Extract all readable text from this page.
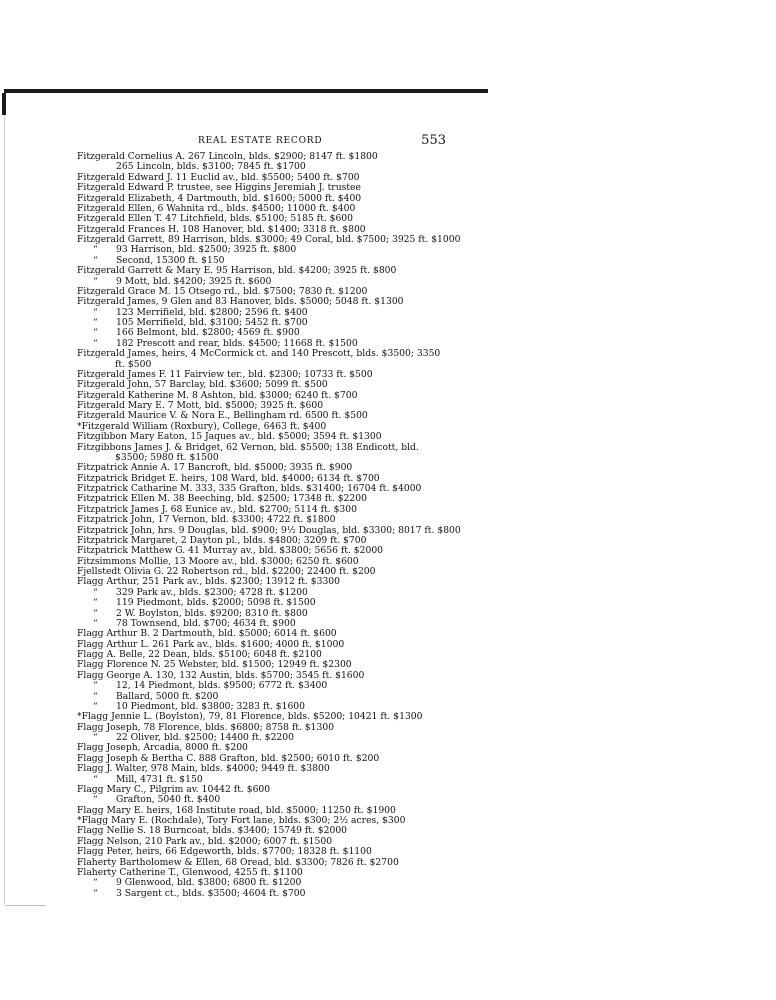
REAL ESTATE RECORD	553
Fitzgerald Cornelius A. 267 Lincoln, blds. $2900; 8147 ft. $1800
265 Lincoln, blds. $3100; 7845 ft. $1700
Fitzgerald Edward J. 11 Euclid av., bld. $5500; 5400 ft. $700
Fitzgerald Edward P. trustee, see Higgins Jeremiah J. trustee
Fitzgerald Elizabeth, 4 Dartmouth, bld. $1600; 5000 ft. $400
Fitzgerald Ellen, 6 Wahnita rd., blds. $4500; 11000 ft. $400
Fitzgerald Ellen T. 47 Litchfield, blds. $5100; 5185 ft. $600
Fitzgerald Frances H. 108 Hanover, bld. $1400; 3318 ft. $800
Fitzgerald Garrett, 89 Harrison, blds. $3000; 49 Coral, bld. $7500; 3925 ft. $1000
“ 93 Harrison, bld. $2500; 3925 ft. $800
“ Second, 15300 ft. $150
Fitzgerald Garrett & Mary E. 95 Harrison, bld. $4200; 3925 ft. $800
“ 9 Mott, bld. $4200; 3925 ft. $600
Fitzgerald Grace M. 15 Otsego rd., bld. $7500; 7830 ft. $1200
Fitzgerald James, 9 Glen and 83 Hanover, blds. $5000; 5048 ft. $1300
“ 123 Merrifield, bld. $2800; 2596 ft. $400
“ 105 Merrifield, bld. $3100; 5452 ft. $700
“ 166 Belmont, bld. $2800; 4569 ft. $900
“ 182 Prescott and rear, blds. $4500; 11668 ft. $1500
Fitzgerald James, heirs, 4 McCormick ct. and 140 Prescott, blds. $3500; 3350 ft. $500
Fitzgerald James F. 11 Fairview ter., bld. $2300; 10733 ft. $500
Fitzgerald John, 57 Barclay, bld. $3600; 5099 ft. $500
Fitzgerald Katherine M. 8 Ashton, bld. $3000; 6240 ft. $700
Fitzgerald Mary E. 7 Mott, bld. $5000; 3925 ft. $600
Fitzgerald Maurice V. & Nora E., Bellingham rd. 6500 ft. $500
*Fitzgerald William (Roxbury), College, 6463 ft. $400
Fitzgibbon Mary Eaton, 15 Jaques av., bld. $5000; 3594 ft. $1300
Fitzgibbons James J. & Bridget, 62 Vernon, bld. $5500; 138 Endicott, bld. $3500; 5980 ft. $1500
Fitzpatrick Annie A. 17 Bancroft, bld. $5000; 3935 ft. $900
Fitzpatrick Bridget E. heirs, 108 Ward, bld. $4000; 6134 ft. $700
Fitzpatrick Catharine M. 333, 335 Grafton, blds. $31400; 16704 ft. $4000
Fitzpatrick Ellen M. 38 Beeching, bld. $2500; 17348 ft. $2200
Fitzpatrick James J. 68 Eunice av., bld. $2700; 5114 ft. $300
Fitzpatrick John, 17 Vernon, bld. $3300; 4722 ft. $1800
Fitzpatrick John, hrs. 9 Douglas, bld. $900; 9½ Douglas, bld. $3300; 8017 ft. $800
Fitzpatrick Margaret, 2 Dayton pl., blds. $4800; 3209 ft. $700
Fitzpatrick Matthew G. 41 Murray av., bld. $3800; 5656 ft. $2000
Fitzsimmons Mollie, 13 Moore av., bld. $3000; 6250 ft. $600
Fjellstedt Olivia G. 22 Robertson rd., bld. $2200; 22400 ft. $200
Flagg Arthur, 251 Park av., blds. $2300; 13912 ft. $3300
“ 329 Park av., blds. $2300; 4728 ft. $1200
“ 119 Piedmont, blds. $2000; 5098 ft. $1500
“ 2 W. Boylston, blds. $9200; 8310 ft. $800
“ 78 Townsend, bld. $700; 4634 ft. $900
Flagg Arthur B. 2 Dartmouth, bld. $5000; 6014 ft. $600
Flagg Arthur L. 261 Park av., blds. $1600; 4000 ft. $1000
Flagg A. Belle, 22 Dean, blds. $5100; 6048 ft. $2100
Flagg Florence N. 25 Webster, bld. $1500; 12949 ft. $2300
Flagg George A. 130, 132 Austin, blds. $5700; 3545 ft. $1600
“ 12, 14 Piedmont, blds. $9500; 6772 ft. $3400
“ Ballard, 5000 ft. $200
“ 10 Piedmont, bld. $3800; 3283 ft. $1600
*Flagg Jennie L. (Boylston), 79, 81 Florence, blds. $5200; 10421 ft. $1300
Flagg Joseph, 78 Florence, blds. $6800; 8758 ft. $1300
“ 22 Oliver, bld. $2500; 14400 ft. $2200
Flagg Joseph, Arcadia, 8000 ft. $200
Flagg Joseph & Bertha C. 888 Grafton, bld. $2500; 6010 ft. $200
Flagg J. Walter, 978 Main, blds. $4000; 9449 ft. $3800
“ Mill, 4731 ft. $150
Flagg Mary C., Pilgrim av. 10442 ft. $600
“ Grafton, 5040 ft. $400
Flagg Mary E. heirs, 168 Institute road, bld. $5000; 11250 ft. $1900
*Flagg Mary E. (Rochdale), Tory Fort lane, blds. $300; 2½ acres, $300
Flagg Nellie S. 18 Burncoat, blds. $3400; 15749 ft. $2000
Flagg Nelson, 210 Park av., bld. $2000; 6007 ft. $1500
Flagg Peter, heirs, 66 Edgeworth, blds. $7700; 18328 ft. $1100
Flaherty Bartholomew & Ellen, 68 Oread, bld. $3300; 7826 ft. $2700
Flaherty Catherine T., Glenwood, 4255 ft. $1100
“ 9 Glenwood, bld. $3800; 6800 ft. $1200
“ 3 Sargent ct., blds. $3500; 4604 ft. $700
